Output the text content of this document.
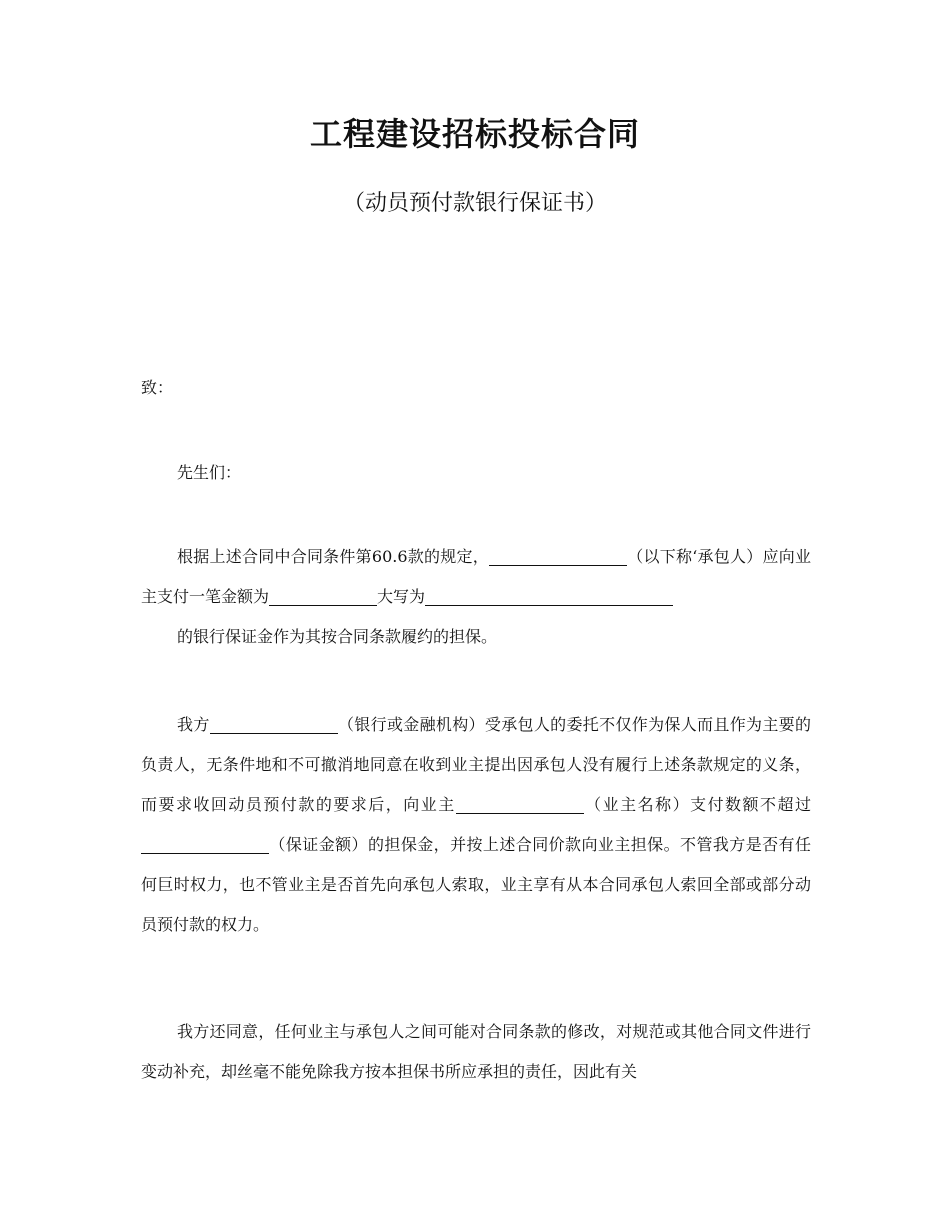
工程建设招标投标合同
（动员预付款银行保证书）
致：
先生们：
根据上述合同中合同条件第60.6款的规定，	（以下称‘承包人）应向业主支付一笔金额为	大写为
的银行保证金作为其按合同条款履约的担保。
我方	（银行或金融机构）受承包人的委托不仅作为保人而且作为主要的负责人，无条件地和不可撤消地同意在收到业主提出因承包人没有履行上述条款规定的义条，而要求收回动员预付款的要求后，向业主	（业主名称）支付数额不超过（保证金额）的担保金，并按上述合同价款向业主担保。不管我方是否有任何巨时权力，也不管业主是否首先向承包人索取，业主享有从本合同承包人索回全部或部分动员预付款的权力。
我方还同意，任何业主与承包人之间可能对合同条款的修改，对规范或其他合同文件进行变动补充，却丝毫不能免除我方按本担保书所应承担的责任，因此有关
